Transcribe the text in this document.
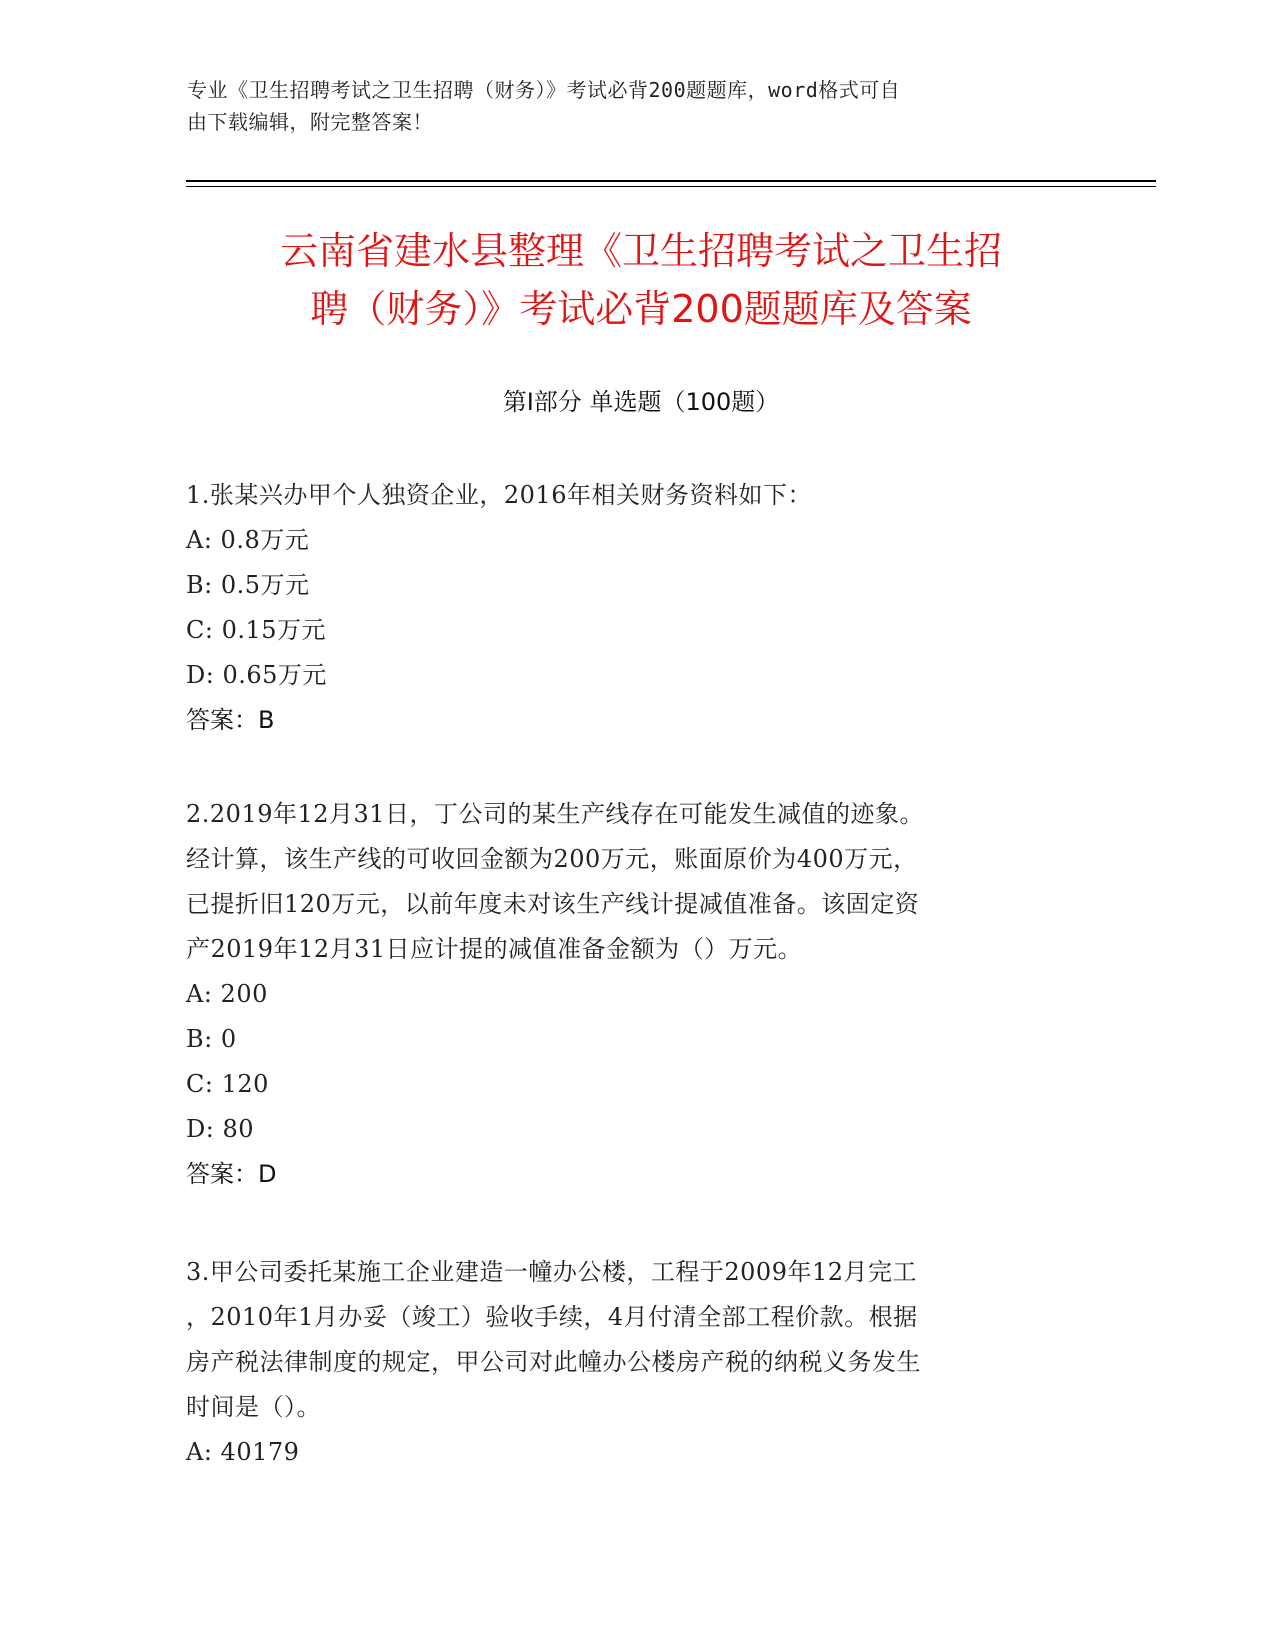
专业《卫生招聘考试之卫生招聘（财务）》考试必背200题题库，word格式可自
由下载编辑，附完整答案！
云南省建水县整理《卫生招聘考试之卫生招
聘（财务）》考试必背200题题库及答案
第Ⅰ部分 单选题（100题）
1.张某兴办甲个人独资企业，2016年相关财务资料如下：
A: 0.8万元
B: 0.5万元
C: 0.15万元
D: 0.65万元
答案：B
2.2019年12月31日，丁公司的某生产线存在可能发生减值的迹象。
经计算，该生产线的可收回金额为200万元，账面原价为400万元，
已提折旧120万元，以前年度未对该生产线计提减值准备。该固定资
产2019年12月31日应计提的减值准备金额为（）万元。
A: 200
B: 0
C: 120
D: 80
答案：D
3.甲公司委托某施工企业建造一幢办公楼，工程于2009年12月完工
，2010年1月办妥（竣工）验收手续，4月付清全部工程价款。根据
房产税法律制度的规定，甲公司对此幢办公楼房产税的纳税义务发生
时间是（）。
A: 40179
